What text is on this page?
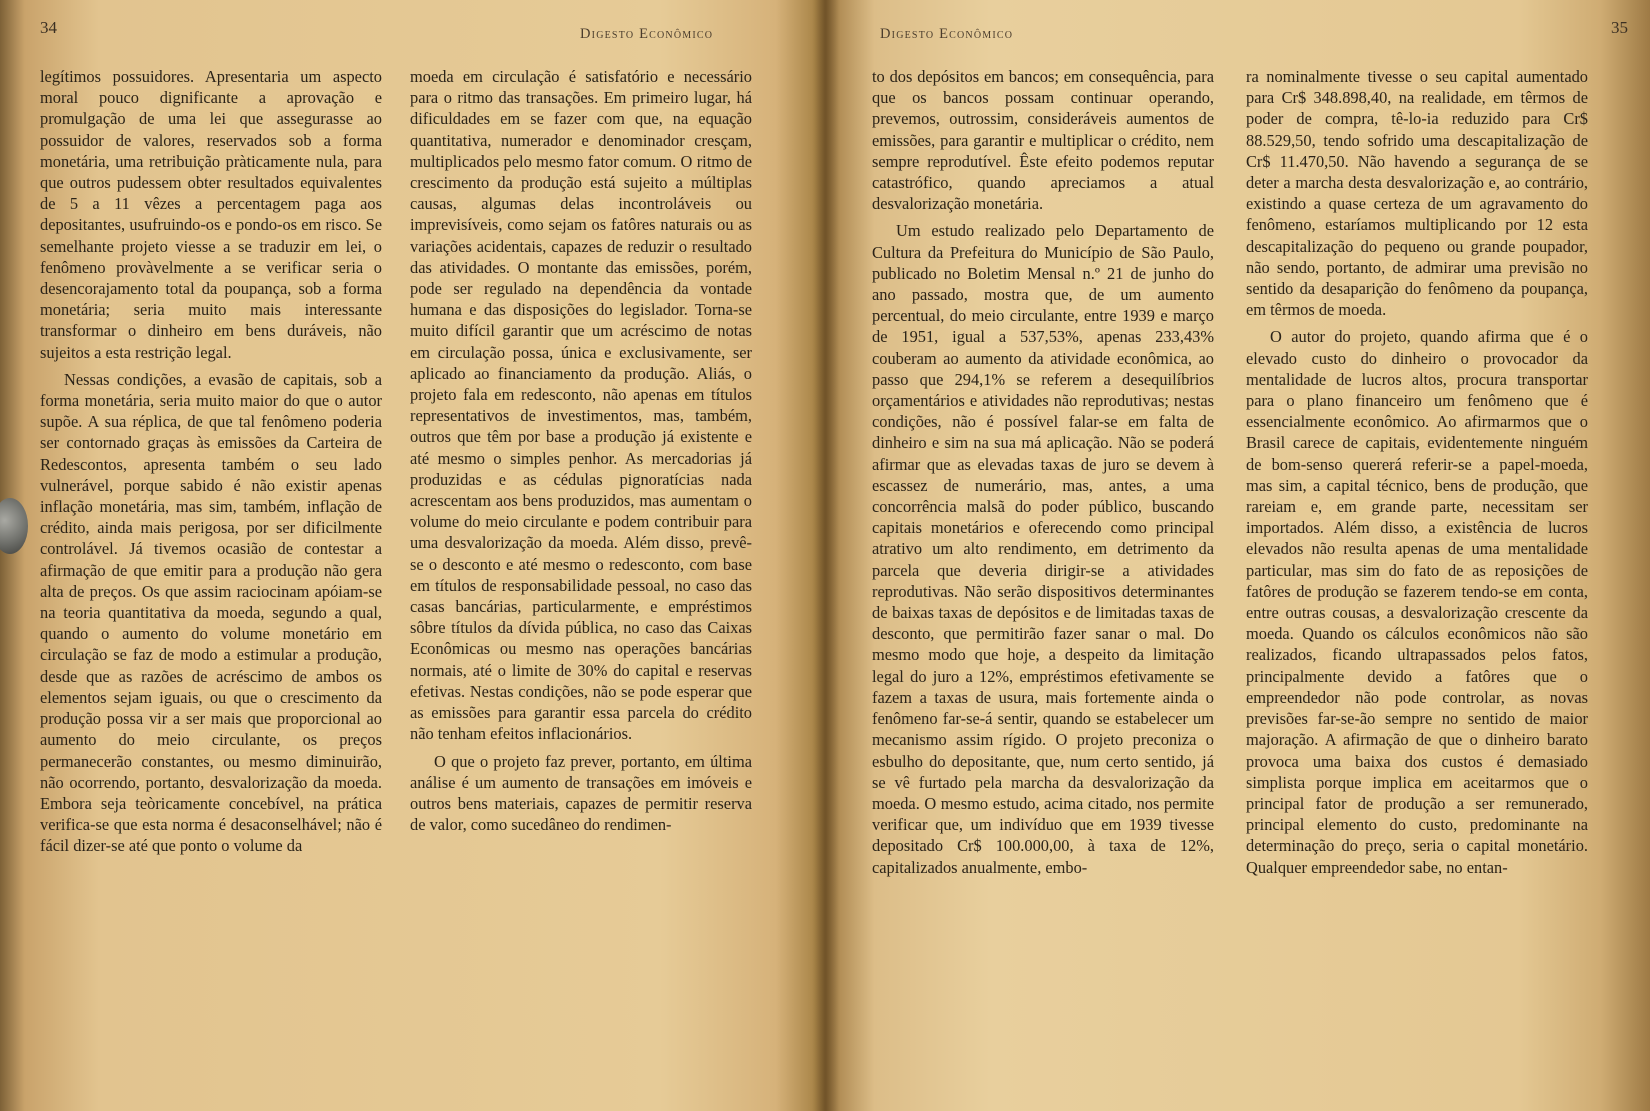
34	Digesto Econômico

legítimos possuidores. Apresentaria um aspecto moral pouco dignificante a aprovação e promulgação de uma lei que assegurasse ao possuidor de valores, reservados sob a forma monetária, uma retribuição pràticamente nula, para que outros pudessem obter resultados equivalentes de 5 a 11 vêzes a percentagem paga aos depositantes, usufruindo-os e pondo-os em risco. Se semelhante projeto viesse a se traduzir em lei, o fenômeno provàvelmente a se verificar seria o desencorajamento total da poupança, sob a forma monetária; seria muito mais interessante transformar o dinheiro em bens duráveis, não sujeitos a esta restrição legal.

Nessas condições, a evasão de capitais, sob a forma monetária, seria muito maior do que o autor supõe. A sua réplica, de que tal fenômeno poderia ser contornado graças às emissões da Carteira de Redescontos, apresenta também o seu lado vulnerável, porque sabido é não existir apenas inflação monetária, mas sim, também, inflação de crédito, ainda mais perigosa, por ser dificilmente controlável. Já tivemos ocasião de contestar a afirmação de que emitir para a produção não gera alta de preços. Os que assim raciocinam apóiam-se na teoria quantitativa da moeda, segundo a qual, quando o aumento do volume monetário em circulação se faz de modo a estimular a produção, desde que as razões de acréscimo de ambos os elementos sejam iguais, ou que o crescimento da produção possa vir a ser mais que proporcional ao aumento do meio circulante, os preços permanecerão constantes, ou mesmo diminuirão, não ocorrendo, portanto, desvalorização da moeda. Embora seja teòricamente concebível, na prática verifica-se que esta norma é desaconselhável; não é fácil dizer-se até que ponto o volume da

moeda em circulação é satisfatório e necessário para o ritmo das transações. Em primeiro lugar, há dificuldades em se fazer com que, na equação quantitativa, numerador e denominador cresçam, multiplicados pelo mesmo fator comum. O ritmo de crescimento da produção está sujeito a múltiplas causas, algumas delas incontroláveis ou imprevisíveis, como sejam os fatôres naturais ou as variações acidentais, capazes de reduzir o resultado das atividades. O montante das emissões, porém, pode ser regulado na dependência da vontade humana e das disposições do legislador. Torna-se muito difícil garantir que um acréscimo de notas em circulação possa, única e exclusivamente, ser aplicado ao financiamento da produção. Aliás, o projeto fala em redesconto, não apenas em títulos representativos de investimentos, mas, também, outros que têm por base a produção já existente e até mesmo o simples penhor. As mercadorias já produzidas e as cédulas pignoratícias nada acrescentam aos bens produzidos, mas aumentam o volume do meio circulante e podem contribuir para uma desvalorização da moeda. Além disso, prevê-se o desconto e até mesmo o redesconto, com base em títulos de responsabilidade pessoal, no caso das casas bancárias, particularmente, e empréstimos sôbre títulos da dívida pública, no caso das Caixas Econômicas ou mesmo nas operações bancárias normais, até o limite de 30% do capital e reservas efetivas. Nestas condições, não se pode esperar que as emissões para garantir essa parcela do crédito não tenham efeitos inflacionários.

O que o projeto faz prever, portanto, em última análise é um aumento de transações em imóveis e outros bens materiais, capazes de permitir reserva de valor, como sucedâneo do rendimen-

Digesto Econômico	35

to dos depósitos em bancos; em consequência, para que os bancos possam continuar operando, prevemos, outrossim, consideráveis aumentos de emissões, para garantir e multiplicar o crédito, nem sempre reprodutível. Êste efeito podemos reputar catastrófico, quando apreciamos a atual desvalorização monetária.

Um estudo realizado pelo Departamento de Cultura da Prefeitura do Município de São Paulo, publicado no Boletim Mensal n.º 21 de junho do ano passado, mostra que, de um aumento percentual, do meio circulante, entre 1939 e março de 1951, igual a 537,53%, apenas 233,43% couberam ao aumento da atividade econômica, ao passo que 294,1% se referem a desequilíbrios orçamentários e atividades não reprodutivas; nestas condições, não é possível falar-se em falta de dinheiro e sim na sua má aplicação. Não se poderá afirmar que as elevadas taxas de juro se devem à escassez de numerário, mas, antes, a uma concorrência malsã do poder público, buscando capitais monetários e oferecendo como principal atrativo um alto rendimento, em detrimento da parcela que deveria dirigir-se a atividades reprodutivas. Não serão dispositivos determinantes de baixas taxas de depósitos e de limitadas taxas de desconto, que permitirão fazer sanar o mal. Do mesmo modo que hoje, a despeito da limitação legal do juro a 12%, empréstimos efetivamente se fazem a taxas de usura, mais fortemente ainda o fenômeno far-se-á sentir, quando se estabelecer um mecanismo assim rígido. O projeto preconiza o esbulho do depositante, que, num certo sentido, já se vê furtado pela marcha da desvalorização da moeda. O mesmo estudo, acima citado, nos permite verificar que, um indivíduo que em 1939 tivesse depositado Cr$ 100.000,00, à taxa de 12%, capitalizados anualmente, embo-

ra nominalmente tivesse o seu capital aumentado para Cr$ 348.898,40, na realidade, em têrmos de poder de compra, tê-lo-ia reduzido para Cr$ 88.529,50, tendo sofrido uma descapitalização de Cr$ 11.470,50. Não havendo a segurança de se deter a marcha desta desvalorização e, ao contrário, existindo a quase certeza de um agravamento do fenômeno, estaríamos multiplicando por 12 esta descapitalização do pequeno ou grande poupador, não sendo, portanto, de admirar uma previsão no sentido da desaparição do fenômeno da poupança, em têrmos de moeda.

O autor do projeto, quando afirma que é o elevado custo do dinheiro o provocador da mentalidade de lucros altos, procura transportar para o plano financeiro um fenômeno que é essencialmente econômico. Ao afirmarmos que o Brasil carece de capitais, evidentemente ninguém de bom-senso quererá referir-se a papel-moeda, mas sim, a capital técnico, bens de produção, que rareiam e, em grande parte, necessitam ser importados. Além disso, a existência de lucros elevados não resulta apenas de uma mentalidade particular, mas sim do fato de as reposições de fatôres de produção se fazerem tendo-se em conta, entre outras cousas, a desvalorização crescente da moeda. Quando os cálculos econômicos não são realizados, ficando ultrapassados pelos fatos, principalmente devido a fatôres que o empreendedor não pode controlar, as novas previsões far-se-ão sempre no sentido de maior majoração. A afirmação de que o dinheiro barato provoca uma baixa dos custos é demasiado simplista porque implica em aceitarmos que o principal fator de produção a ser remunerado, principal elemento do custo, predominante na determinação do preço, seria o capital monetário. Qualquer empreendedor sabe, no entan-
